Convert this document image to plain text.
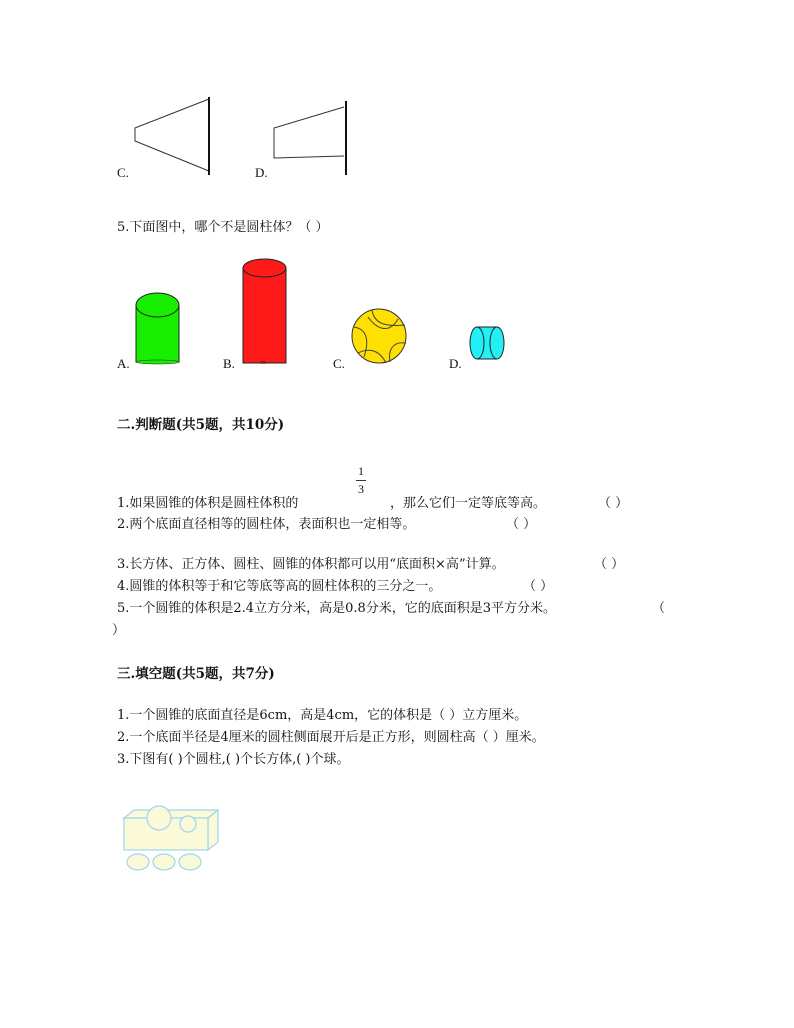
C.	D.
5.下面图中，哪个不是圆柱体？（ ）
A.	B. =	C.	D.
二.判断题(共5题，共10分)
1
3
1.如果圆锥的体积是圆柱体积的	，那么它们一定等底等高。	（ ）
2.两个底面直径相等的圆柱体，表面积也一定相等。	（ ）
3.长方体、正方体、圆柱、圆锥的体积都可以用“底面积×高”计算。	（ ）
4.圆锥的体积等于和它等底等高的圆柱体积的三分之一。	（ ）
5.一个圆锥的体积是2.4立方分米，高是0.8分米，它的底面积是3平方分米。	（
）
三.填空题(共5题，共7分)
1.一个圆锥的底面直径是6cm，高是4cm，它的体积是（ ）立方厘米。
2.一个底面半径是4厘米的圆柱侧面展开后是正方形，则圆柱高（ ）厘米。
3.下图有( )个圆柱,( )个长方体,( )个球。
